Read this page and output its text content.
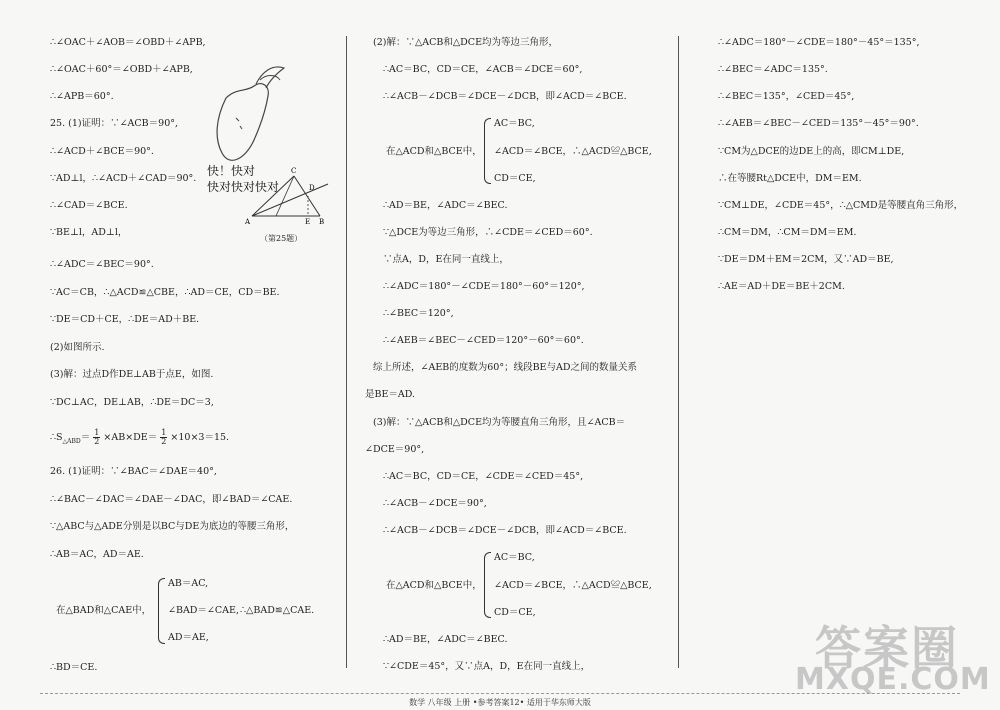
∴∠OAC＋∠AOB＝∠OBD＋∠APB,
∴∠OAC＋60°＝∠OBD＋∠APB,
∴∠APB＝60°.
25. (1)证明：∵∠ACB＝90°,
∴∠ACD＋∠BCE＝90°.
∵AD⊥l，∴∠ACD＋∠CAD＝90°.
∴∠CAD＝∠BCE.
∵BE⊥l，AD⊥l，
∴∠ADC＝∠BEC＝90°.
∵AC＝CB，∴△ACD≌△CBE，∴AD＝CE，CD＝BE.
∵DE＝CD＋CE，∴DE＝AD＋BE.
(2)如图所示.
(3)解：过点D作DE⊥AB于点E，如图.
∵DC⊥AC，DE⊥AB，∴DE＝DC＝3,
$\therefore S_{\triangle ABD}= \frac{1}{2} \times AB\times DE= \frac{1}{2} \times 10\times 3=15$.
26. (1)证明：∵∠BAC＝∠DAE＝40°,
∴∠BAC－∠DAC＝∠DAE－∠DAC，即∠BAD＝∠CAE.
∵△ABC与△ADE分别是以BC与DE为底边的等腰三角形，
∴AB＝AC，AD＝AE.
在△BAD和△CAE中，
AB＝AC,
∠BAD＝∠CAE, ∴△BAD≌△CAE.
AD＝AE,
∴BD＝CE.
C
D
A	E B
（第25题）
快！快对
快对快对快对
(2)解：∵△ACB和△DCE均为等边三角形，
∴AC＝BC，CD＝CE，∠ACB＝∠DCE＝60°,
∴∠ACB－∠DCB＝∠DCE－∠DCB，即∠ACD＝∠BCE.
在△ACD和△BCE中，
AC＝BC,
∠ACD＝∠BCE，∴△ACD≌△BCE,
CD＝CE,
∴AD＝BE，∠ADC＝∠BEC.
∵△DCE为等边三角形，∴∠CDE＝∠CED＝60°.
∵点A，D，E在同一直线上，
∴∠ADC＝180°－∠CDE＝180°－60°＝120°,
∴∠BEC＝120°,
∴∠AEB＝∠BEC－∠CED＝120°－60°＝60°.
综上所述，∠AEB的度数为60°；线段BE与AD之间的数量关系
是BE＝AD.
(3)解：∵△ACB和△DCE均为等腰直角三角形，且∠ACB＝
∠DCE＝90°,
∴AC＝BC，CD＝CE，∠CDE＝∠CED＝45°,
∴∠ACB－∠DCE＝90°,
∴∠ACB－∠DCB＝∠DCE－∠DCB，即∠ACD＝∠BCE.
在△ACD和△BCE中，
AC＝BC,
∠ACD＝∠BCE，∴△ACD≌△BCE,
CD＝CE,
∴AD＝BE，∠ADC＝∠BEC.
∵∠CDE＝45°，又∵点A，D，E在同一直线上，
∴∠ADC＝180°－∠CDE＝180°－45°＝135°,
∴∠BEC＝∠ADC＝135°.
∴∠BEC＝135°，∠CED＝45°,
∴∠AEB＝∠BEC－∠CED＝135°－45°＝90°.
∵CM为△DCE的边DE上的高，即CM⊥DE,
∴在等腰Rt△DCE中，DM＝EM.
∵CM⊥DE，∠CDE＝45°，∴△CMD是等腰直角三角形，
∴CM＝DM，∴CM＝DM＝EM.
∵DE＝DM＋EM＝2CM，又∵AD＝BE,
∴AE＝AD＋DE＝BE＋2CM.
答案圈
MXQE.COM
数学 八年级 上册 •参考答案12• 适用于华东师大版
